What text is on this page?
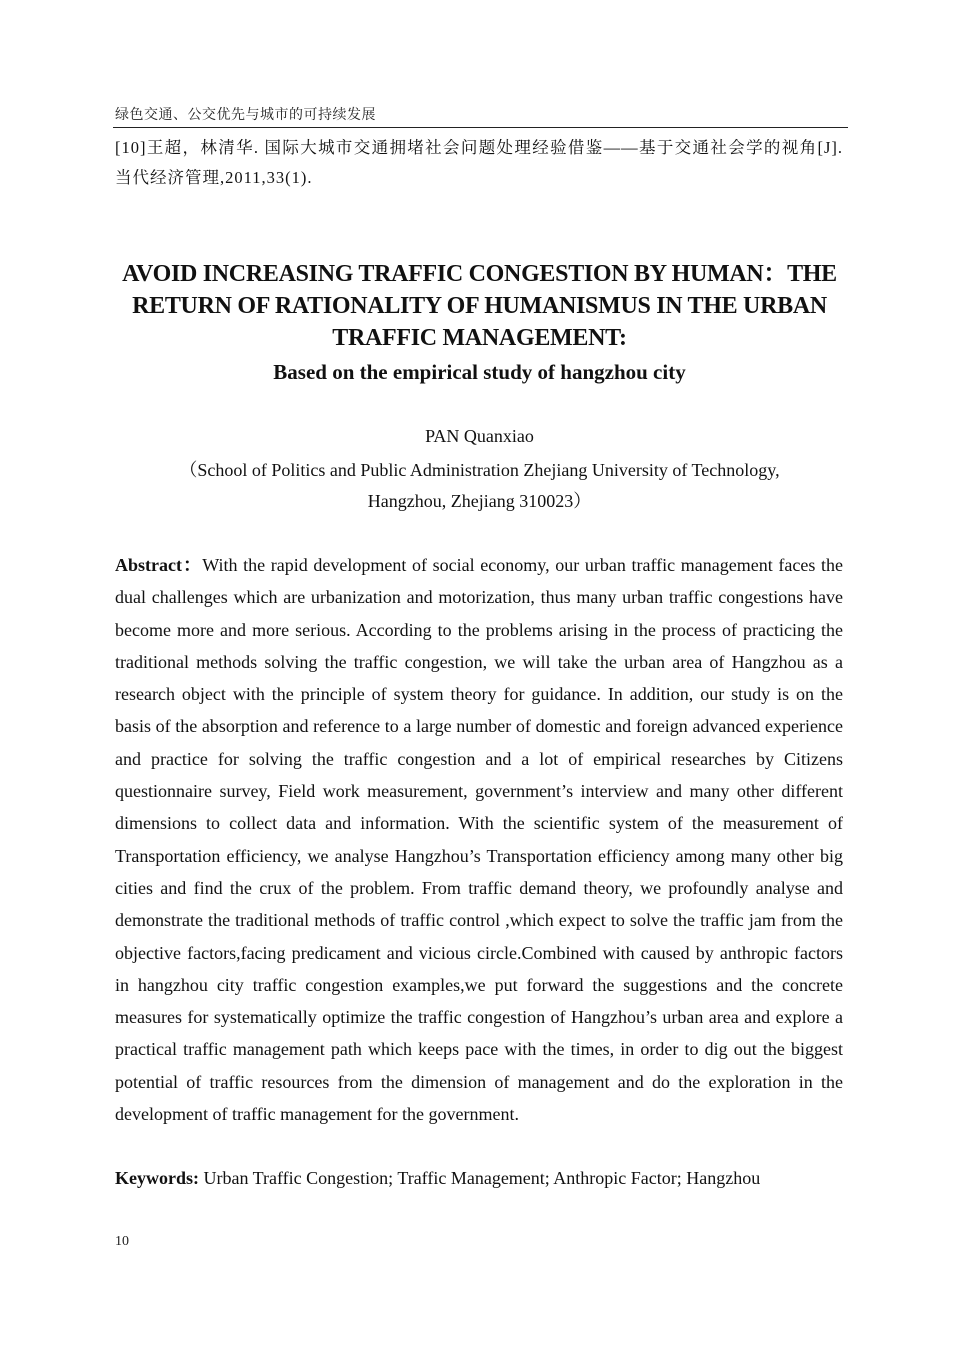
绿色交通、公交优先与城市的可持续发展
[10]王超，林清华. 国际大城市交通拥堵社会问题处理经验借鉴——基于交通社会学的视角[J]. 当代经济管理,2011,33(1).
AVOID INCREASING TRAFFIC CONGESTION BY HUMAN：THE RETURN OF RATIONALITY OF HUMANISMUS IN THE URBAN TRAFFIC MANAGEMENT:
Based on the empirical study of hangzhou city
PAN Quanxiao
（School of Politics and Public Administration Zhejiang University of Technology,
Hangzhou, Zhejiang 310023）

Abstract：With the rapid development of social economy, our urban traffic management faces the dual challenges which are urbanization and motorization, thus many urban traffic congestions have become more and more serious. According to the problems arising in the process of practicing the traditional methods solving the traffic congestion, we will take the urban area of Hangzhou as a research object with the principle of system theory for guidance. In addition, our study is on the basis of the absorption and reference to a large number of domestic and foreign advanced experience and practice for solving the traffic congestion and a lot of empirical researches by Citizens questionnaire survey, Field work measurement, government’s interview and many other different dimensions to collect data and information. With the scientific system of the measurement of Transportation efficiency, we analyse Hangzhou’s Transportation efficiency among many other big cities and find the crux of the problem. From traffic demand theory, we profoundly analyse and demonstrate the traditional methods of traffic control ,which expect to solve the traffic jam from the objective factors,facing predicament and vicious circle.Combined with caused by anthropic factors in hangzhou city traffic congestion examples,we put forward the suggestions and the concrete measures for systematically optimize the traffic congestion of Hangzhou’s urban area and explore a practical traffic management path which keeps pace with the times, in order to dig out the biggest potential of traffic resources from the dimension of management and do the exploration in the development of traffic management for the government.

Keywords: Urban Traffic Congestion; Traffic Management; Anthropic Factor; Hangzhou

10
